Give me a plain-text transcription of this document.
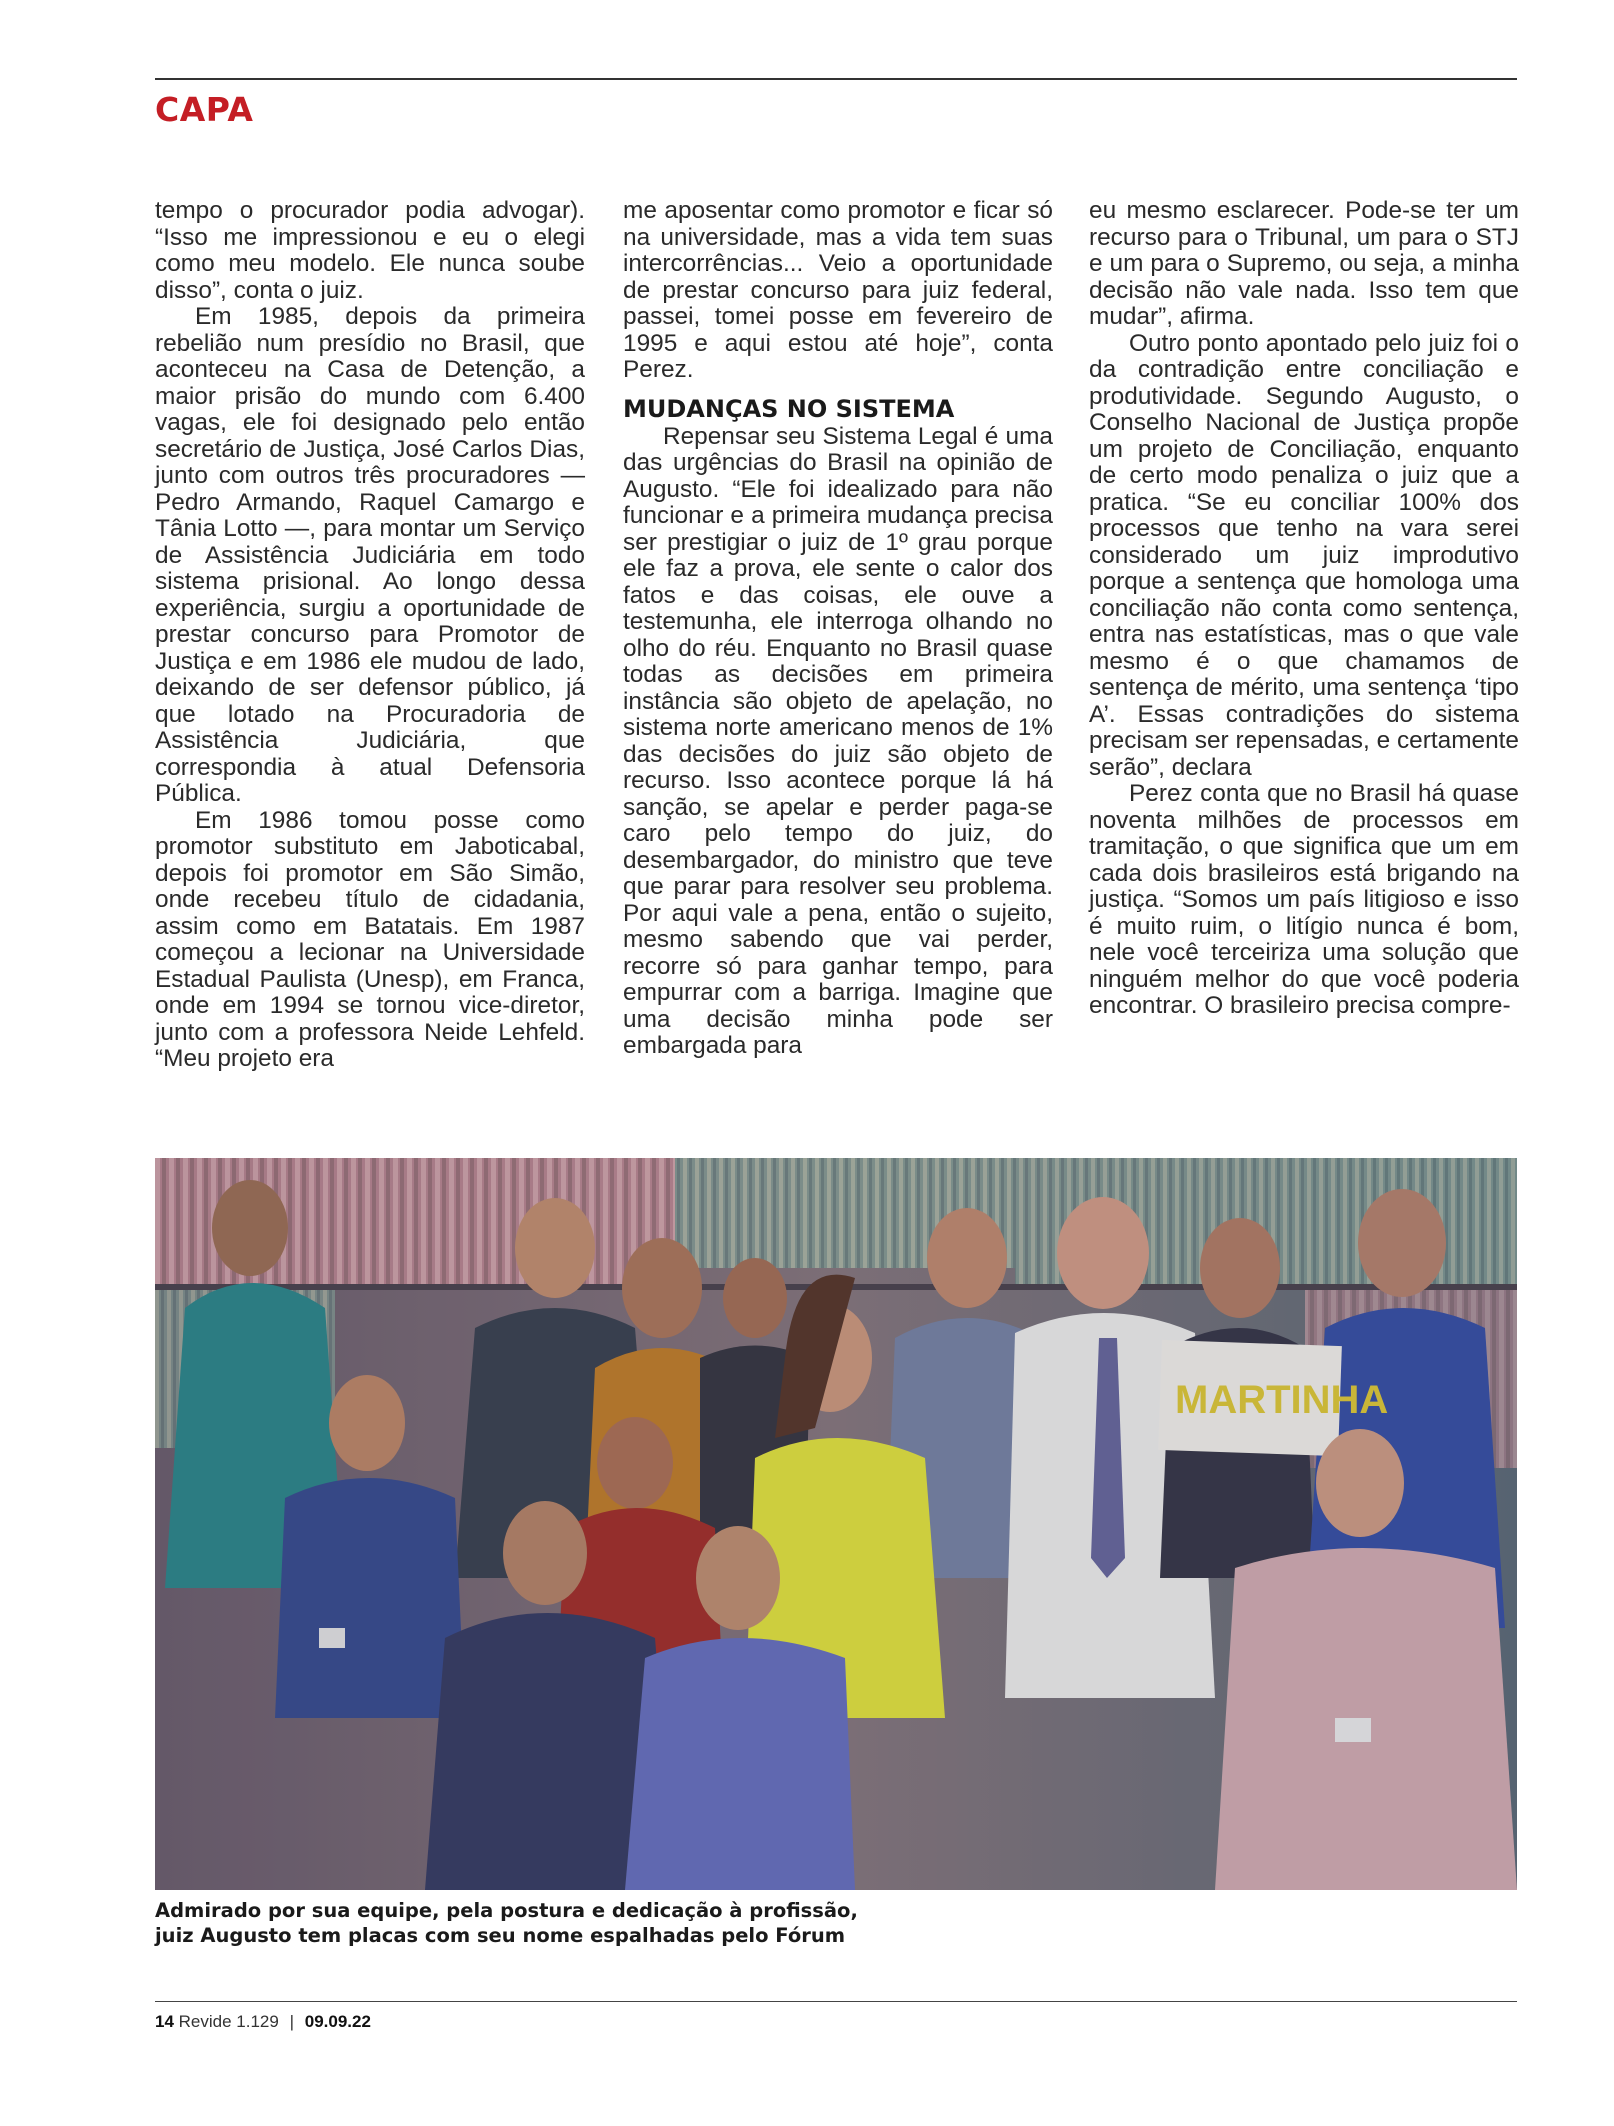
CAPA

tempo o procurador podia advogar). “Isso me impressionou e eu o elegi como meu modelo. Ele nunca soube disso”, conta o juiz.

Em 1985, depois da primeira rebelião num presídio no Brasil, que aconteceu na Casa de Detenção, a maior prisão do mundo com 6.400 vagas, ele foi designado pelo então secretário de Justiça, José Carlos Dias, junto com outros três procuradores — Pedro Armando, Raquel Camargo e Tânia Lotto —, para montar um Serviço de Assistência Judiciária em todo sistema prisional. Ao longo dessa experiência, surgiu a oportunidade de prestar concurso para Promotor de Justiça e em 1986 ele mudou de lado, deixando de ser defensor público, já que lotado na Procuradoria de Assistência Judiciária, que correspondia à atual Defensoria Pública.

Em 1986 tomou posse como promotor substituto em Jaboticabal, depois foi promotor em São Simão, onde recebeu título de cidadania, assim como em Batatais. Em 1987 começou a lecionar na Universidade Estadual Paulista (Unesp), em Franca, onde em 1994 se tornou vice-diretor, junto com a professora Neide Lehfeld. “Meu projeto era

me aposentar como promotor e ficar só na universidade, mas a vida tem suas intercorrências... Veio a oportunidade de prestar concurso para juiz federal, passei, tomei posse em fevereiro de 1995 e aqui estou até hoje”, conta Perez.

MUDANÇAS NO SISTEMA

Repensar seu Sistema Legal é uma das urgências do Brasil na opinião de Augusto. “Ele foi idealizado para não funcionar e a primeira mudança precisa ser prestigiar o juiz de 1º grau porque ele faz a prova, ele sente o calor dos fatos e das coisas, ele ouve a testemunha, ele interroga olhando no olho do réu. Enquanto no Brasil quase todas as decisões em primeira instância são objeto de apelação, no sistema norte americano menos de 1% das decisões do juiz são objeto de recurso. Isso acontece porque lá há sanção, se apelar e perder paga-se caro pelo tempo do juiz, do desembargador, do ministro que teve que parar para resolver seu problema. Por aqui vale a pena, então o sujeito, mesmo sabendo que vai perder, recorre só para ganhar tempo, para empurrar com a barriga. Imagine que uma decisão minha pode ser embargada para

eu mesmo esclarecer. Pode-se ter um recurso para o Tribunal, um para o STJ e um para o Supremo, ou seja, a minha decisão não vale nada. Isso tem que mudar”, afirma.

Outro ponto apontado pelo juiz foi o da contradição entre conciliação e produtividade. Segundo Augusto, o Conselho Nacional de Justiça propõe um projeto de Conciliação, enquanto de certo modo penaliza o juiz que a pratica. “Se eu conciliar 100% dos processos que tenho na vara serei considerado um juiz improdutivo porque a sentença que homologa uma conciliação não conta como sentença, entra nas estatísticas, mas o que vale mesmo é o que chamamos de sentença de mérito, uma sentença ‘tipo A’. Essas contradições do sistema precisam ser repensadas, e certamente serão”, declara

Perez conta que no Brasil há quase noventa milhões de processos em tramitação, o que significa que um em cada dois brasileiros está brigando na justiça. “Somos um país litigioso e isso é muito ruim, o litígio nunca é bom, nele você terceiriza uma solução que ninguém melhor do que você poderia encontrar. O brasileiro precisa compre-

MARTINHA

Admirado por sua equipe, pela postura e dedicação à profissão,
juiz Augusto tem placas com seu nome espalhadas pelo Fórum

14 Revide 1.129 | 09.09.22
